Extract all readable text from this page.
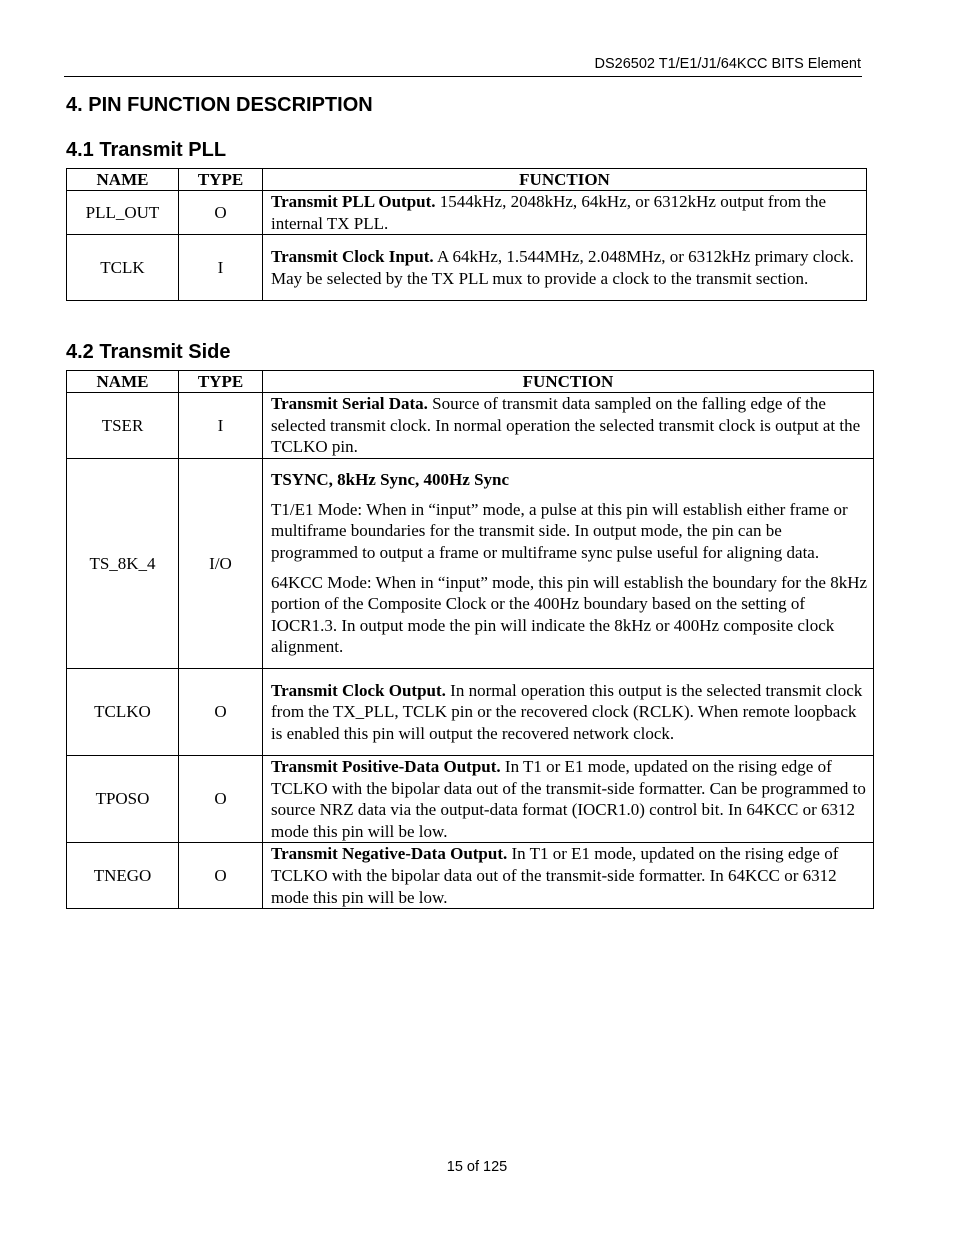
DS26502 T1/E1/J1/64KCC BITS Element
4. PIN FUNCTION DESCRIPTION
4.1 Transmit PLL
NAME	TYPE	FUNCTION
PLL_OUT	O	Transmit PLL Output. 1544kHz, 2048kHz, 64kHz, or 6312kHz output from the internal TX PLL.
TCLK	I	Transmit Clock Input. A 64kHz, 1.544MHz, 2.048MHz, or 6312kHz primary clock. May be selected by the TX PLL mux to provide a clock to the transmit section.
4.2 Transmit Side
NAME	TYPE	FUNCTION
TSER	I	Transmit Serial Data. Source of transmit data sampled on the falling edge of the selected transmit clock. In normal operation the selected transmit clock is output at the TCLKO pin.
TS_8K_4	I/O	TSYNC, 8kHz Sync, 400Hz Sync
T1/E1 Mode: When in “input” mode, a pulse at this pin will establish either frame or multiframe boundaries for the transmit side. In output mode, the pin can be programmed to output a frame or multiframe sync pulse useful for aligning data.
64KCC Mode: When in “input” mode, this pin will establish the boundary for the 8kHz portion of the Composite Clock or the 400Hz boundary based on the setting of IOCR1.3. In output mode the pin will indicate the 8kHz or 400Hz composite clock alignment.

TCLKO	O	Transmit Clock Output. In normal operation this output is the selected transmit clock from the TX_PLL, TCLK pin or the recovered clock (RCLK). When remote loopback is enabled this pin will output the recovered network clock.
TPOSO	O	Transmit Positive-Data Output. In T1 or E1 mode, updated on the rising edge of TCLKO with the bipolar data out of the transmit-side formatter. Can be programmed to source NRZ data via the output-data format (IOCR1.0) control bit. In 64KCC or 6312 mode this pin will be low.
TNEGO	O	Transmit Negative-Data Output. In T1 or E1 mode, updated on the rising edge of TCLKO with the bipolar data out of the transmit-side formatter. In 64KCC or 6312 mode this pin will be low.
15 of 125
